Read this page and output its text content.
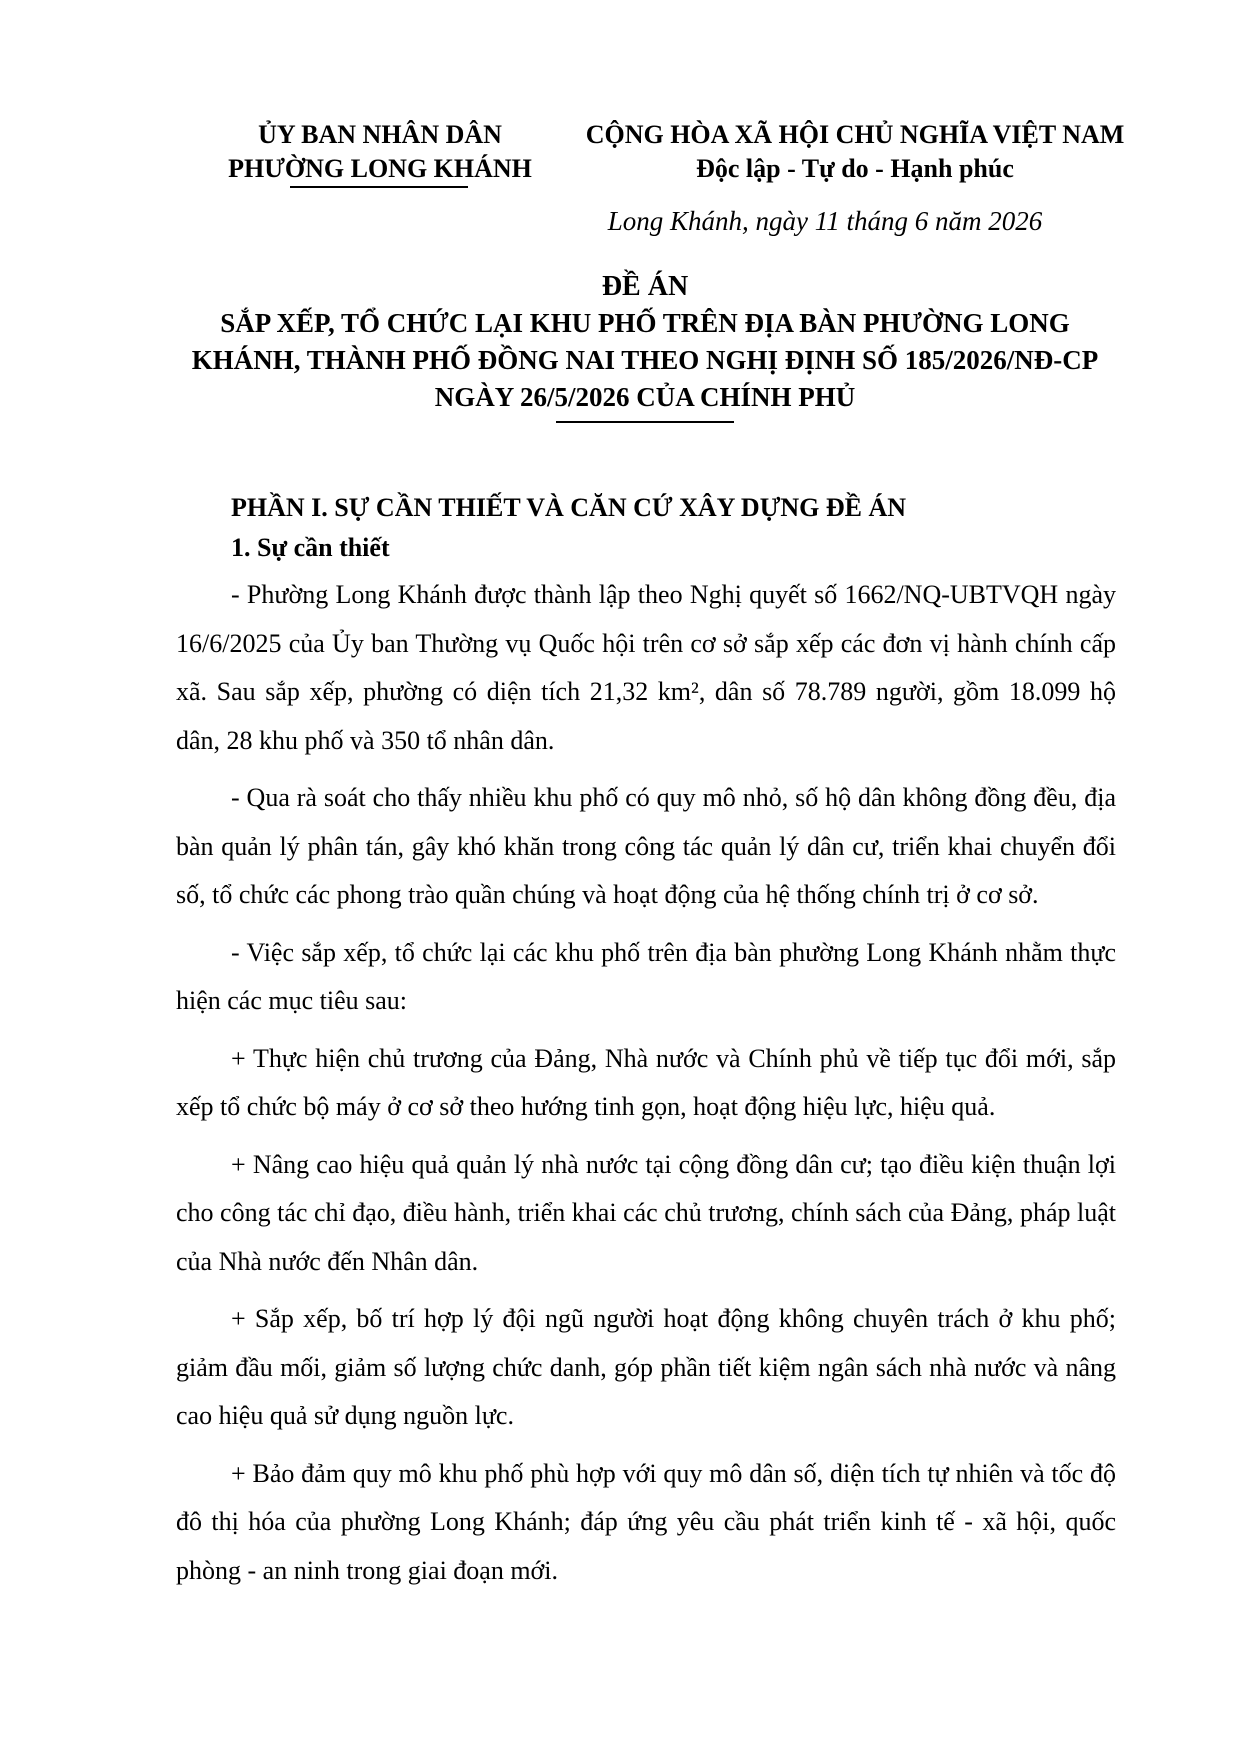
ỦY BAN NHÂN DÂN
PHƯỜNG LONG KHÁNH
CỘNG HÒA XÃ HỘI CHỦ NGHĨA VIỆT NAM
Độc lập - Tự do - Hạnh phúc
Long Khánh, ngày 11 tháng 6 năm 2026
ĐỀ ÁN
SẮP XẾP, TỔ CHỨC LẠI KHU PHỐ TRÊN ĐỊA BÀN PHƯỜNG LONG
KHÁNH, THÀNH PHỐ ĐỒNG NAI THEO NGHỊ ĐỊNH SỐ 185/2026/NĐ-CP
NGÀY 26/5/2026 CỦA CHÍNH PHỦ

PHẦN I. SỰ CẦN THIẾT VÀ CĂN CỨ XÂY DỰNG ĐỀ ÁN

1. Sự cần thiết

- Phường Long Khánh được thành lập theo Nghị quyết số 1662/NQ-UBTVQH ngày 16/6/2025 của Ủy ban Thường vụ Quốc hội trên cơ sở sắp xếp các đơn vị hành chính cấp xã. Sau sắp xếp, phường có diện tích 21,32 km², dân số 78.789 người, gồm 18.099 hộ dân, 28 khu phố và 350 tổ nhân dân.

- Qua rà soát cho thấy nhiều khu phố có quy mô nhỏ, số hộ dân không đồng đều, địa bàn quản lý phân tán, gây khó khăn trong công tác quản lý dân cư, triển khai chuyển đổi số, tổ chức các phong trào quần chúng và hoạt động của hệ thống chính trị ở cơ sở.

- Việc sắp xếp, tổ chức lại các khu phố trên địa bàn phường Long Khánh nhằm thực hiện các mục tiêu sau:

+ Thực hiện chủ trương của Đảng, Nhà nước và Chính phủ về tiếp tục đổi mới, sắp xếp tổ chức bộ máy ở cơ sở theo hướng tinh gọn, hoạt động hiệu lực, hiệu quả.

+ Nâng cao hiệu quả quản lý nhà nước tại cộng đồng dân cư; tạo điều kiện thuận lợi cho công tác chỉ đạo, điều hành, triển khai các chủ trương, chính sách của Đảng, pháp luật của Nhà nước đến Nhân dân.

+ Sắp xếp, bố trí hợp lý đội ngũ người hoạt động không chuyên trách ở khu phố; giảm đầu mối, giảm số lượng chức danh, góp phần tiết kiệm ngân sách nhà nước và nâng cao hiệu quả sử dụng nguồn lực.

+ Bảo đảm quy mô khu phố phù hợp với quy mô dân số, diện tích tự nhiên và tốc độ đô thị hóa của phường Long Khánh; đáp ứng yêu cầu phát triển kinh tế - xã hội, quốc phòng - an ninh trong giai đoạn mới.
